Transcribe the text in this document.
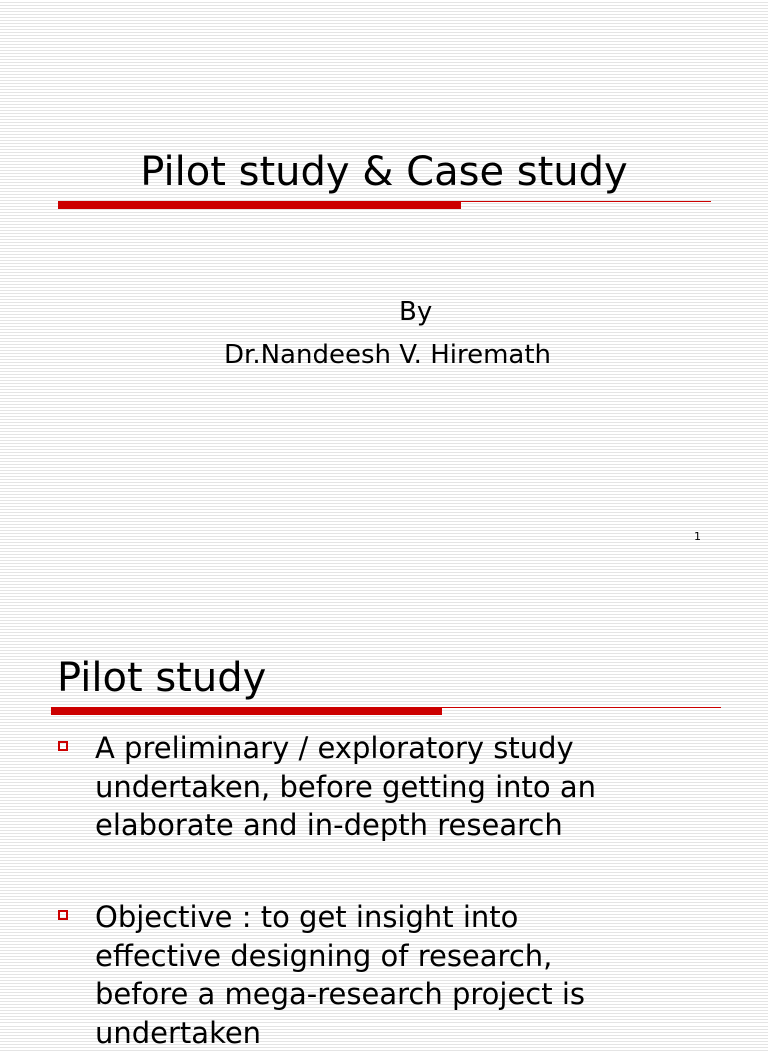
Pilot study & Case study
By
Dr.Nandeesh V. Hiremath
1
Pilot study
A preliminary / exploratory study
undertaken, before getting into an
elaborate and in-depth research
Objective : to get insight into
effective designing of research,
before a mega-research project is
undertaken
